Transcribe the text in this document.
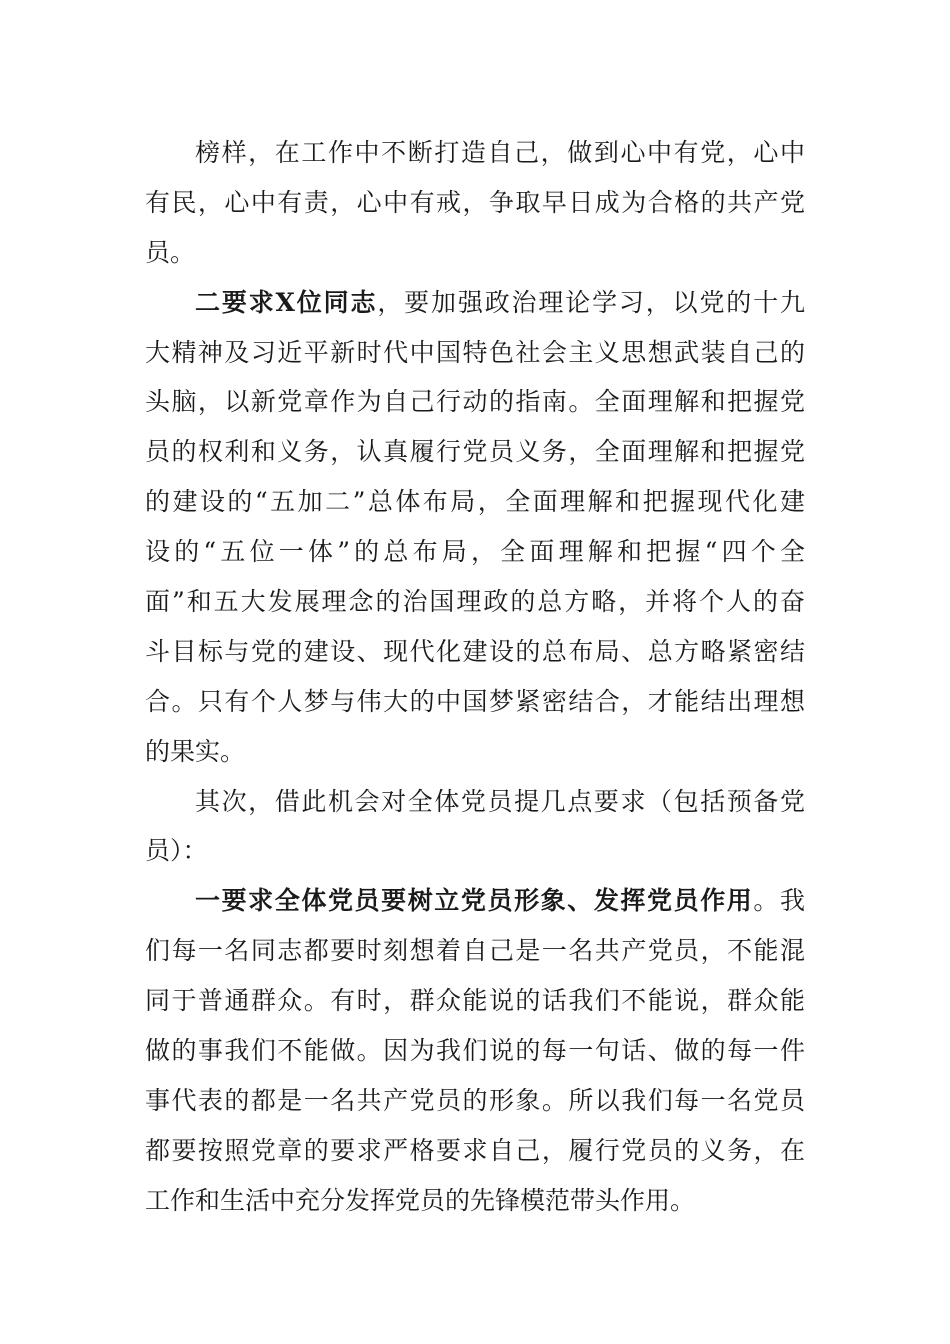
榜样，在工作中不断打造自己，做到心中有党，心中
有民，心中有责，心中有戒，争取早日成为合格的共产党
员。
二要求X位同志，要加强政治理论学习，以党的十九
大精神及习近平新时代中国特色社会主义思想武装自己的
头脑，以新党章作为自己行动的指南。全面理解和把握党
员的权利和义务，认真履行党员义务，全面理解和把握党
的建设的“五加二”总体布局，全面理解和把握现代化建
设的“五位一体”的总布局，全面理解和把握“四个全
面”和五大发展理念的治国理政的总方略，并将个人的奋
斗目标与党的建设、现代化建设的总布局、总方略紧密结
合。只有个人梦与伟大的中国梦紧密结合，才能结出理想
的果实。
其次，借此机会对全体党员提几点要求（包括预备党
员）：
一要求全体党员要树立党员形象、发挥党员作用。我
们每一名同志都要时刻想着自己是一名共产党员，不能混
同于普通群众。有时，群众能说的话我们不能说，群众能
做的事我们不能做。因为我们说的每一句话、做的每一件
事代表的都是一名共产党员的形象。所以我们每一名党员
都要按照党章的要求严格要求自己，履行党员的义务，在
工作和生活中充分发挥党员的先锋模范带头作用。
